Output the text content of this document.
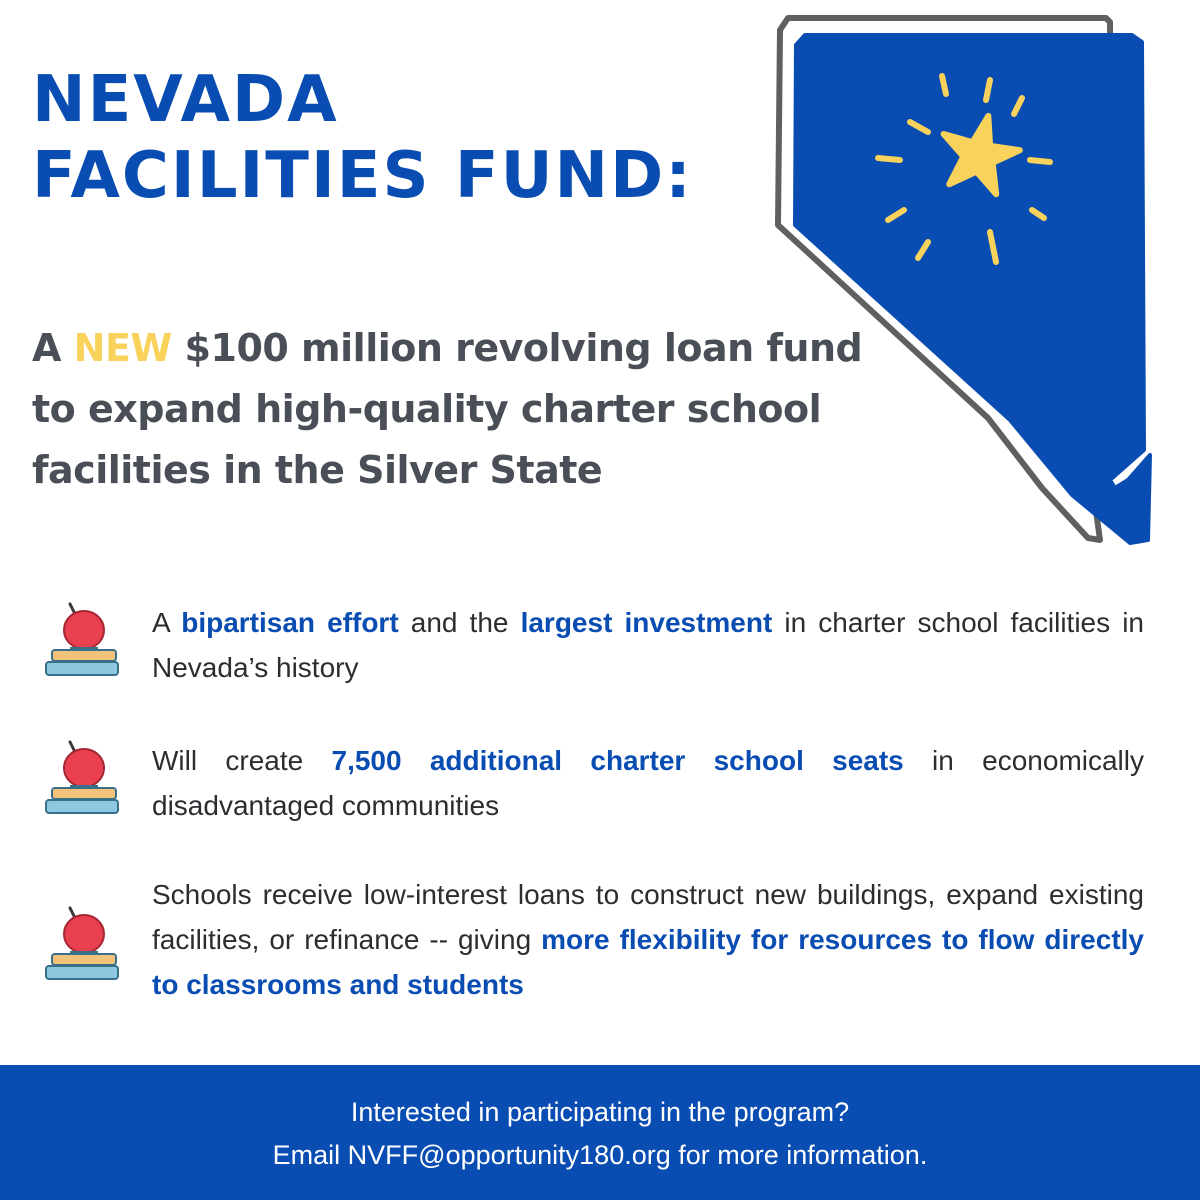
NEVADA
FACILITIES FUND:

A NEW $100 million revolving loan fund to expand high-quality charter school facilities in the Silver State

A bipartisan effort and the largest investment in charter school facilities in Nevada’s history

Will create 7,500 additional charter school seats in economically disadvantaged communities

Schools receive low-interest loans to construct new buildings, expand existing facilities, or refinance -- giving more flexibility for resources to flow directly to classrooms and students

Interested in participating in the program?
Email NVFF@opportunity180.org for more information.
